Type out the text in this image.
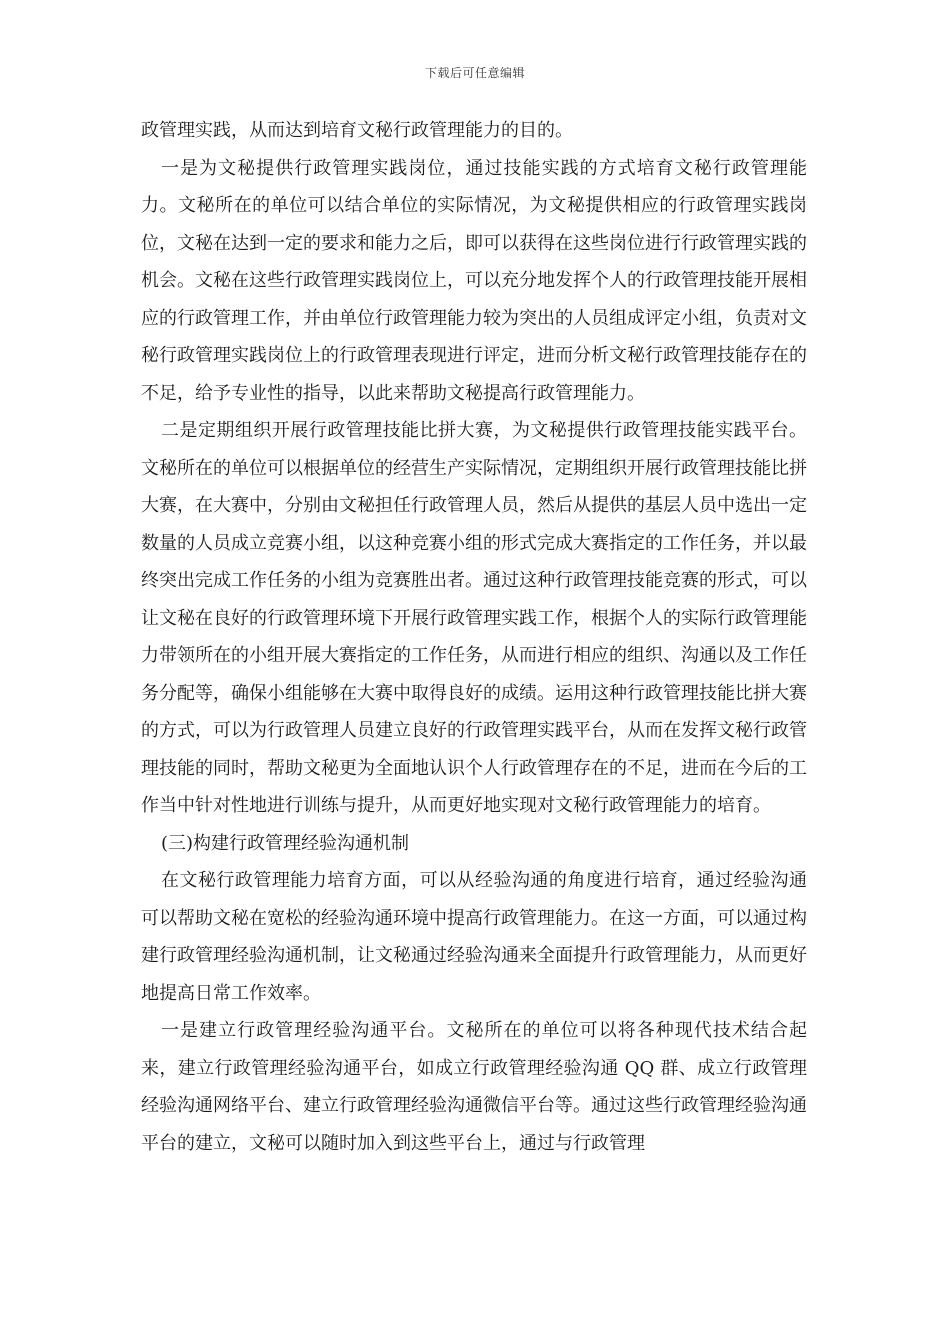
下载后可任意编辑

政管理实践，从而达到培育文秘行政管理能力的目的。

一是为文秘提供行政管理实践岗位，通过技能实践的方式培育文秘行政管理能力。文秘所在的单位可以结合单位的实际情况，为文秘提供相应的行政管理实践岗位，文秘在达到一定的要求和能力之后，即可以获得在这些岗位进行行政管理实践的机会。文秘在这些行政管理实践岗位上，可以充分地发挥个人的行政管理技能开展相应的行政管理工作，并由单位行政管理能力较为突出的人员组成评定小组，负责对文秘行政管理实践岗位上的行政管理表现进行评定，进而分析文秘行政管理技能存在的不足，给予专业性的指导，以此来帮助文秘提高行政管理能力。

二是定期组织开展行政管理技能比拼大赛，为文秘提供行政管理技能实践平台。文秘所在的单位可以根据单位的经营生产实际情况，定期组织开展行政管理技能比拼大赛，在大赛中，分别由文秘担任行政管理人员，然后从提供的基层人员中选出一定数量的人员成立竞赛小组，以这种竞赛小组的形式完成大赛指定的工作任务，并以最终突出完成工作任务的小组为竞赛胜出者。通过这种行政管理技能竞赛的形式，可以让文秘在良好的行政管理环境下开展行政管理实践工作，根据个人的实际行政管理能力带领所在的小组开展大赛指定的工作任务，从而进行相应的组织、沟通以及工作任务分配等，确保小组能够在大赛中取得良好的成绩。运用这种行政管理技能比拼大赛的方式，可以为行政管理人员建立良好的行政管理实践平台，从而在发挥文秘行政管理技能的同时，帮助文秘更为全面地认识个人行政管理存在的不足，进而在今后的工作当中针对性地进行训练与提升，从而更好地实现对文秘行政管理能力的培育。

(三)构建行政管理经验沟通机制

在文秘行政管理能力培育方面，可以从经验沟通的角度进行培育，通过经验沟通可以帮助文秘在宽松的经验沟通环境中提高行政管理能力。在这一方面，可以通过构建行政管理经验沟通机制，让文秘通过经验沟通来全面提升行政管理能力，从而更好地提高日常工作效率。

一是建立行政管理经验沟通平台。文秘所在的单位可以将各种现代技术结合起来，建立行政管理经验沟通平台，如成立行政管理经验沟通 QQ 群、成立行政管理经验沟通网络平台、建立行政管理经验沟通微信平台等。通过这些行政管理经验沟通平台的建立，文秘可以随时加入到这些平台上，通过与行政管理
